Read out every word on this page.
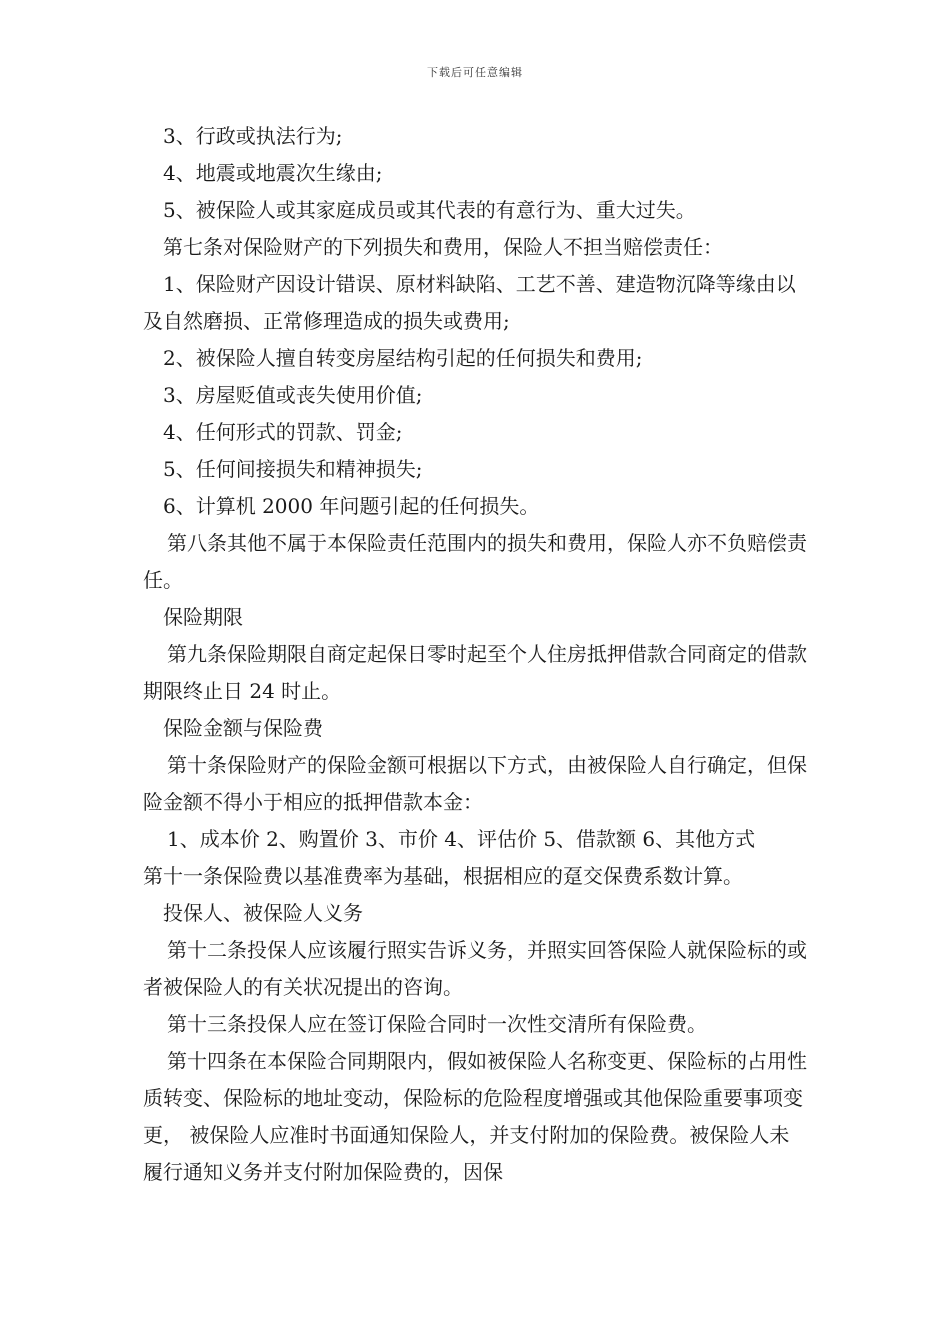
下载后可任意编辑

3、行政或执法行为;

4、地震或地震次生缘由;

5、被保险人或其家庭成员或其代表的有意行为、重大过失。

第七条对保险财产的下列损失和费用，保险人不担当赔偿责任：

1、保险财产因设计错误、原材料缺陷、工艺不善、建造物沉降等缘由以及自然磨损、正常修理造成的损失或费用;

2、被保险人擅自转变房屋结构引起的任何损失和费用;

3、房屋贬值或丧失使用价值;

4、任何形式的罚款、罚金;

5、任何间接损失和精神损失;

6、计算机 2000 年问题引起的任何损失。

第八条其他不属于本保险责任范围内的损失和费用，保险人亦不负赔偿责任。

保险期限

第九条保险期限自商定起保日零时起至个人住房抵押借款合同商定的借款期限终止日 24 时止。

保险金额与保险费

第十条保险财产的保险金额可根据以下方式，由被保险人自行确定，但保险金额不得小于相应的抵押借款本金：

1、成本价 2、购置价 3、市价 4、评估价 5、借款额 6、其他方式

第十一条保险费以基准费率为基础，根据相应的趸交保费系数计算。

投保人、被保险人义务

第十二条投保人应该履行照实告诉义务，并照实回答保险人就保险标的或者被保险人的有关状况提出的咨询。

第十三条投保人应在签订保险合同时一次性交清所有保险费。

第十四条在本保险合同期限内，假如被保险人名称变更、保险标的占用性质转变、保险标的地址变动，保险标的危险程度增强或其他保险重要事项变更， 被保险人应准时书面通知保险人，并支付附加的保险费。被保险人未履行通知义务并支付附加保险费的，因保
